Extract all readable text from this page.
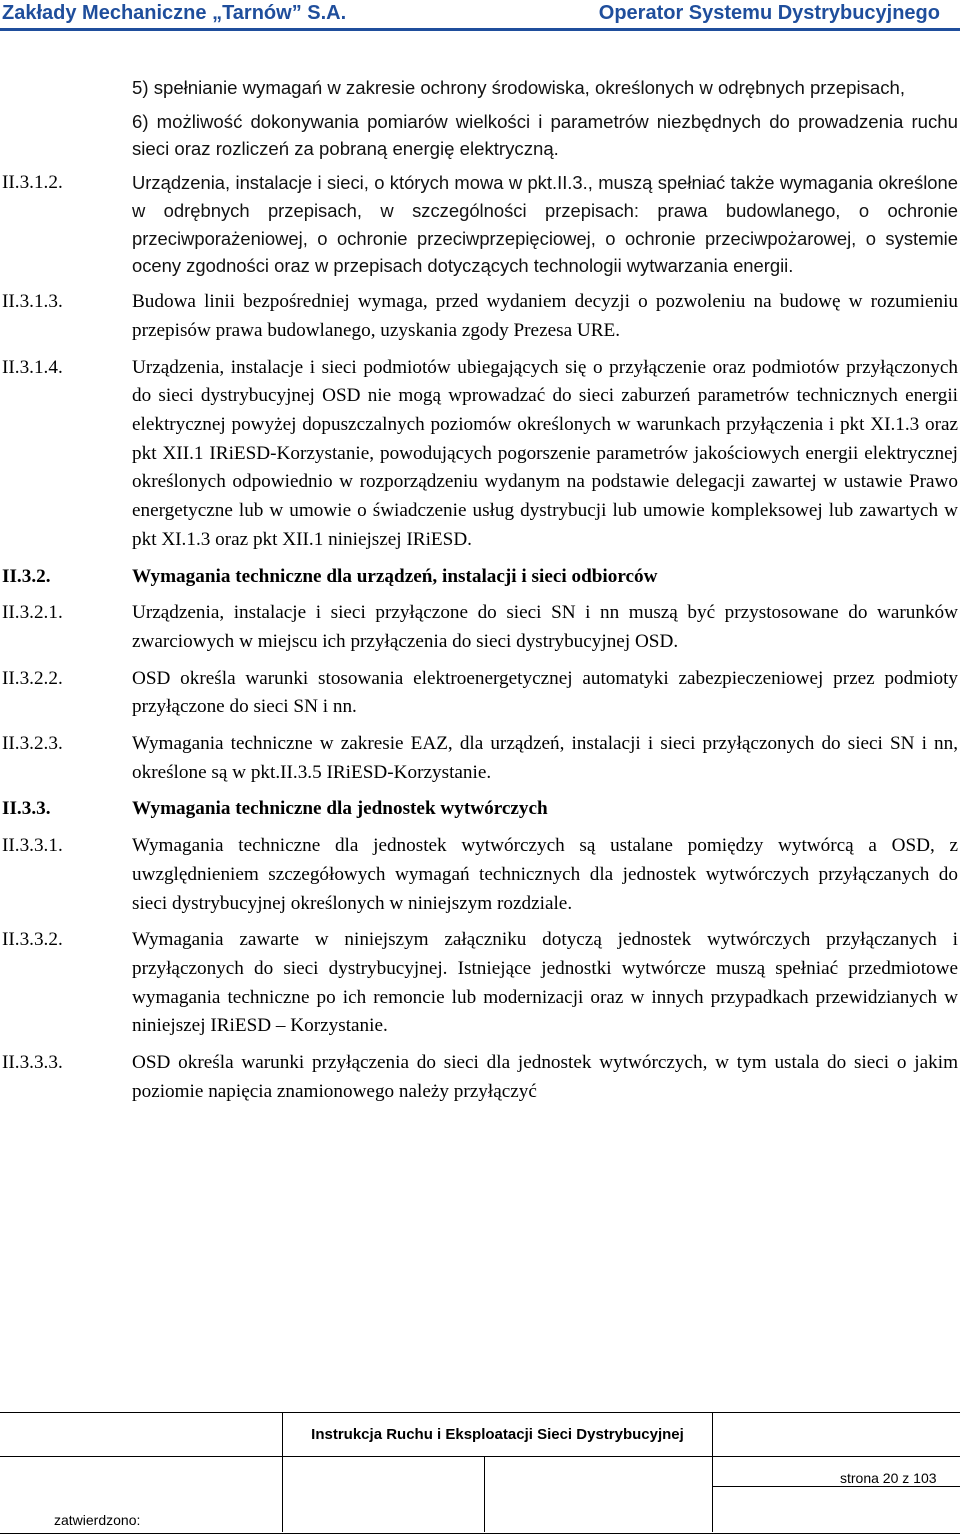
Zakłady Mechaniczne „Tarnów” S.A.	Operator Systemu Dystrybucyjnego
5) spełnianie wymagań w zakresie ochrony środowiska, określonych w odrębnych przepisach,
6) możliwość dokonywania pomiarów wielkości i parametrów niezbędnych do prowadzenia ruchu sieci oraz rozliczeń za pobraną energię elektryczną.
II.3.1.2.	Urządzenia, instalacje i sieci, o których mowa w pkt.II.3., muszą spełniać także wymagania określone w odrębnych przepisach, w szczególności przepisach: prawa budowlanego, o ochronie przeciwporażeniowej, o ochronie przeciwprzepięciowej, o ochronie przeciwpożarowej, o systemie oceny zgodności oraz w przepisach dotyczących technologii wytwarzania energii.
II.3.1.3.	Budowa linii bezpośredniej wymaga, przed wydaniem decyzji o pozwoleniu na budowę w rozumieniu przepisów prawa budowlanego, uzyskania zgody Prezesa URE.
II.3.1.4.	Urządzenia, instalacje i sieci podmiotów ubiegających się o przyłączenie oraz podmiotów przyłączonych do sieci dystrybucyjnej OSD nie mogą wprowadzać do sieci zaburzeń parametrów technicznych energii elektrycznej powyżej dopuszczalnych poziomów określonych w warunkach przyłączenia i pkt XI.1.3 oraz pkt XII.1 IRiESD-Korzystanie, powodujących pogorszenie parametrów jakościowych energii elektrycznej określonych odpowiednio w rozporządzeniu wydanym na podstawie delegacji zawartej w ustawie Prawo energetyczne lub w umowie o świadczenie usług dystrybucji lub umowie kompleksowej lub zawartych w pkt XI.1.3 oraz pkt XII.1 niniejszej IRiESD.
II.3.2.	Wymagania techniczne dla urządzeń, instalacji i sieci odbiorców
II.3.2.1.	Urządzenia, instalacje i sieci przyłączone do sieci SN i nn muszą być przystosowane do warunków zwarciowych w miejscu ich przyłączenia do sieci dystrybucyjnej OSD.
II.3.2.2.	OSD określa warunki stosowania elektroenergetycznej automatyki zabezpieczeniowej przez podmioty przyłączone do sieci SN i nn.
II.3.2.3.	Wymagania techniczne w zakresie EAZ, dla urządzeń, instalacji i sieci przyłączonych do sieci SN i nn, określone są w pkt.II.3.5 IRiESD-Korzystanie.
II.3.3.	Wymagania techniczne dla jednostek wytwórczych
II.3.3.1.	Wymagania techniczne dla jednostek wytwórczych są ustalane pomiędzy wytwórcą a OSD, z uwzględnieniem szczegółowych wymagań technicznych dla jednostek wytwórczych przyłączanych do sieci dystrybucyjnej określonych w niniejszym rozdziale.
II.3.3.2.	Wymagania zawarte w niniejszym załączniku dotyczą jednostek wytwórczych przyłączanych i przyłączonych do sieci dystrybucyjnej. Istniejące jednostki wytwórcze muszą spełniać przedmiotowe wymagania techniczne po ich remoncie lub modernizacji oraz w innych przypadkach przewidzianych w niniejszej IRiESD – Korzystanie.
II.3.3.3.	OSD określa warunki przyłączenia do sieci dla jednostek wytwórczych, w tym ustala do sieci o jakim poziomie napięcia znamionowego należy przyłączyć
Instrukcja Ruchu i Eksploatacji Sieci Dystrybucyjnej
strona 20 z 103
zatwierdzono:
